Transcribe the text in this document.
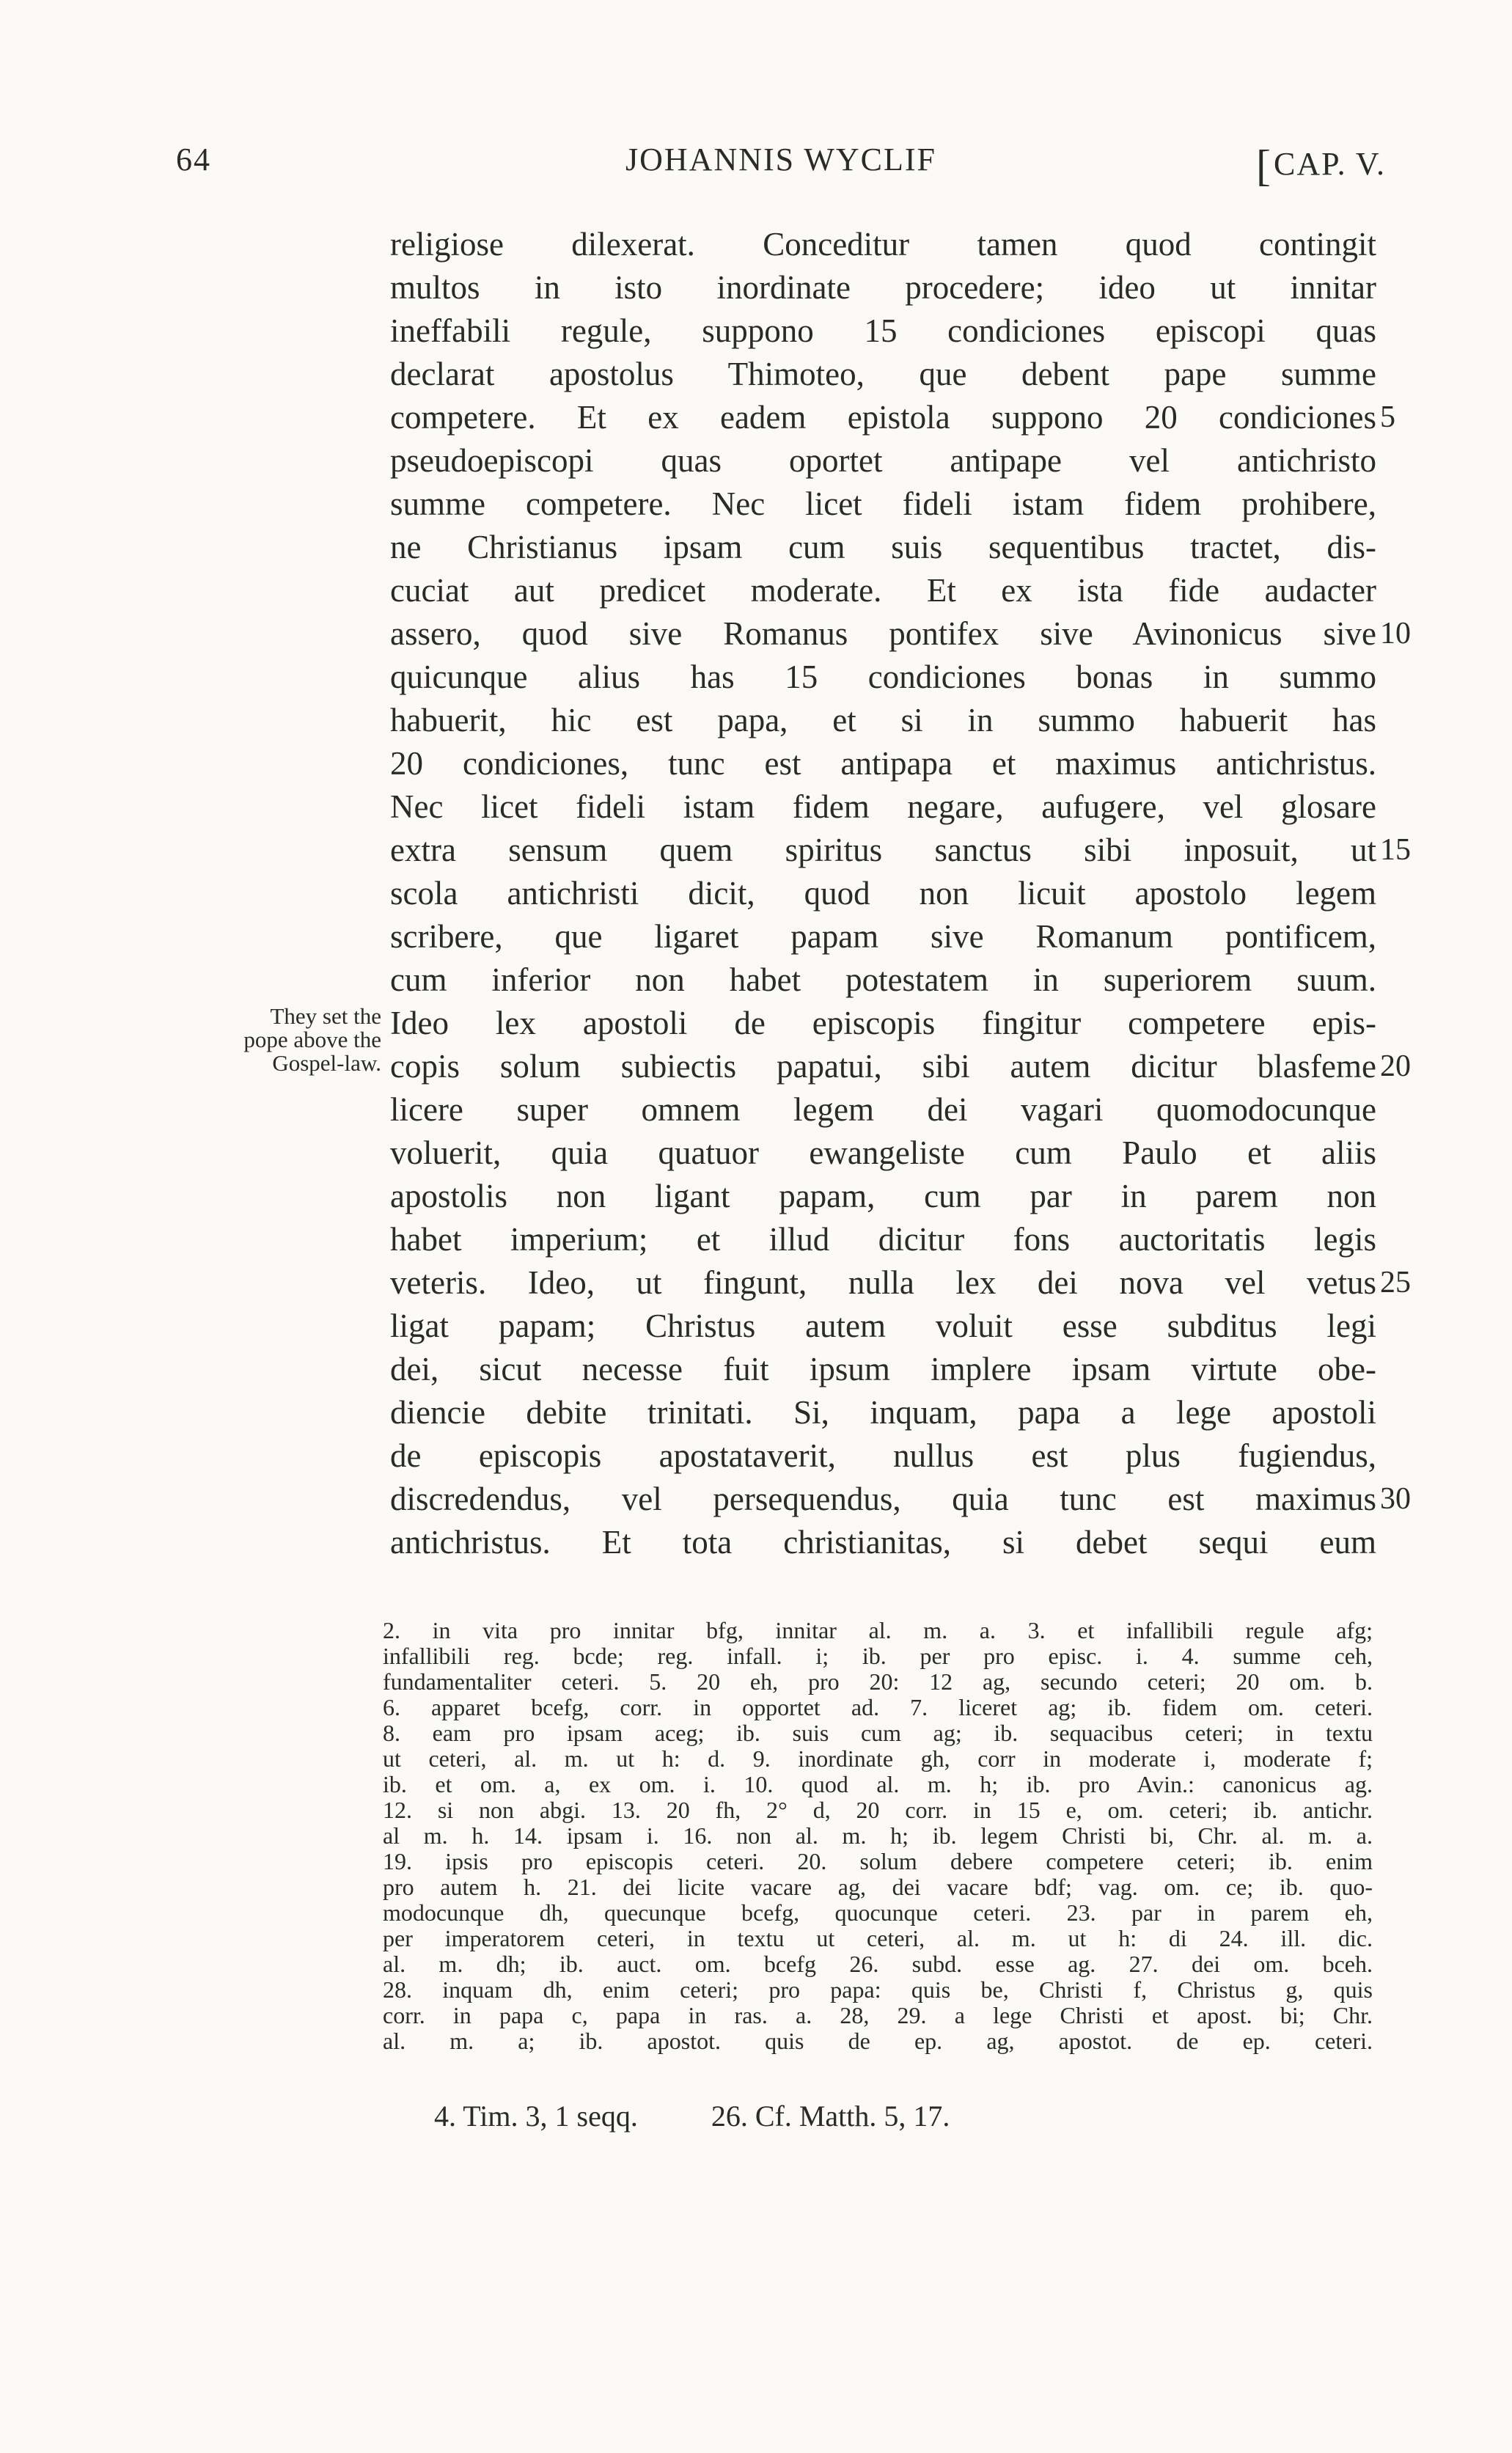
64	JOHANNIS WYCLIF	[CAP. V.
They set the
pope above the
Gospel-law.
religiose dilexerat. Conceditur tamen quod contingit
multos in isto inordinate procedere; ideo ut innitar
ineffabili regule, suppono 15 condiciones episcopi quas
declarat apostolus Thimoteo, que debent pape summe
competere. Et ex eadem epistola suppono 20 condiciones 5
pseudoepiscopi quas oportet antipape vel antichristo
summe competere. Nec licet fideli istam fidem prohibere,
ne Christianus ipsam cum suis sequentibus tractet, dis-
cuciat aut predicet moderate. Et ex ista fide audacter
assero, quod sive Romanus pontifex sive Avinonicus sive 10
quicunque alius has 15 condiciones bonas in summo
habuerit, hic est papa, et si in summo habuerit has
20 condiciones, tunc est antipapa et maximus antichristus.
Nec licet fideli istam fidem negare, aufugere, vel glosare
extra sensum quem spiritus sanctus sibi inposuit, ut 15
scola antichristi dicit, quod non licuit apostolo legem
scribere, que ligaret papam sive Romanum pontificem,
cum inferior non habet potestatem in superiorem suum.
Ideo lex apostoli de episcopis fingitur competere epis-
copis solum subiectis papatui, sibi autem dicitur blasfeme 20
licere super omnem legem dei vagari quomodocunque
voluerit, quia quatuor ewangeliste cum Paulo et aliis
apostolis non ligant papam, cum par in parem non
habet imperium; et illud dicitur fons auctoritatis legis
veteris. Ideo, ut fingunt, nulla lex dei nova vel vetus 25
ligat papam; Christus autem voluit esse subditus legi
dei, sicut necesse fuit ipsum implere ipsam virtute obe-
diencie debite trinitati. Si, inquam, papa a lege apostoli
de episcopis apostataverit, nullus est plus fugiendus,
discredendus, vel persequendus, quia tunc est maximus 30
antichristus. Et tota christianitas, si debet sequi eum
2. in vita pro innitar bfg, innitar al. m. a. 3. et infallibili regule afg;
infallibili reg. bcde; reg. infall. i; ib. per pro episc. i. 4. summe ceh,
fundamentaliter ceteri. 5. 20 eh, pro 20: 12 ag, secundo ceteri; 20 om. b.
6. apparet bcefg, corr. in opportet ad. 7. liceret ag; ib. fidem om. ceteri.
8. eam pro ipsam aceg; ib. suis cum ag; ib. sequacibus ceteri; in textu
ut ceteri, al. m. ut h: d. 9. inordinate gh, corr in moderate i, moderate f;
ib. et om. a, ex om. i. 10. quod al. m. h; ib. pro Avin.: canonicus ag.
12. si non abgi. 13. 20 fh, 2° d, 20 corr. in 15 e, om. ceteri; ib. antichr.
al m. h. 14. ipsam i. 16. non al. m. h; ib. legem Christi bi, Chr. al. m. a.
19. ipsis pro episcopis ceteri. 20. solum debere competere ceteri; ib. enim
pro autem h. 21. dei licite vacare ag, dei vacare bdf; vag. om. ce; ib. quo-
modocunque dh, quecunque bcefg, quocunque ceteri. 23. par in parem eh,
per imperatorem ceteri, in textu ut ceteri, al. m. ut h: di 24. ill. dic.
al. m. dh; ib. auct. om. bcefg 26. subd. esse ag. 27. dei om. bceh.
28. inquam dh, enim ceteri; pro papa: quis be, Christi f, Christus g, quis
corr. in papa c, papa in ras. a. 28, 29. a lege Christi et apost. bi; Chr.
al. m. a; ib. apostot. quis de ep. ag, apostot. de ep. ceteri.
4. Tim. 3, 1 seqq.	26. Cf. Matth. 5, 17.
